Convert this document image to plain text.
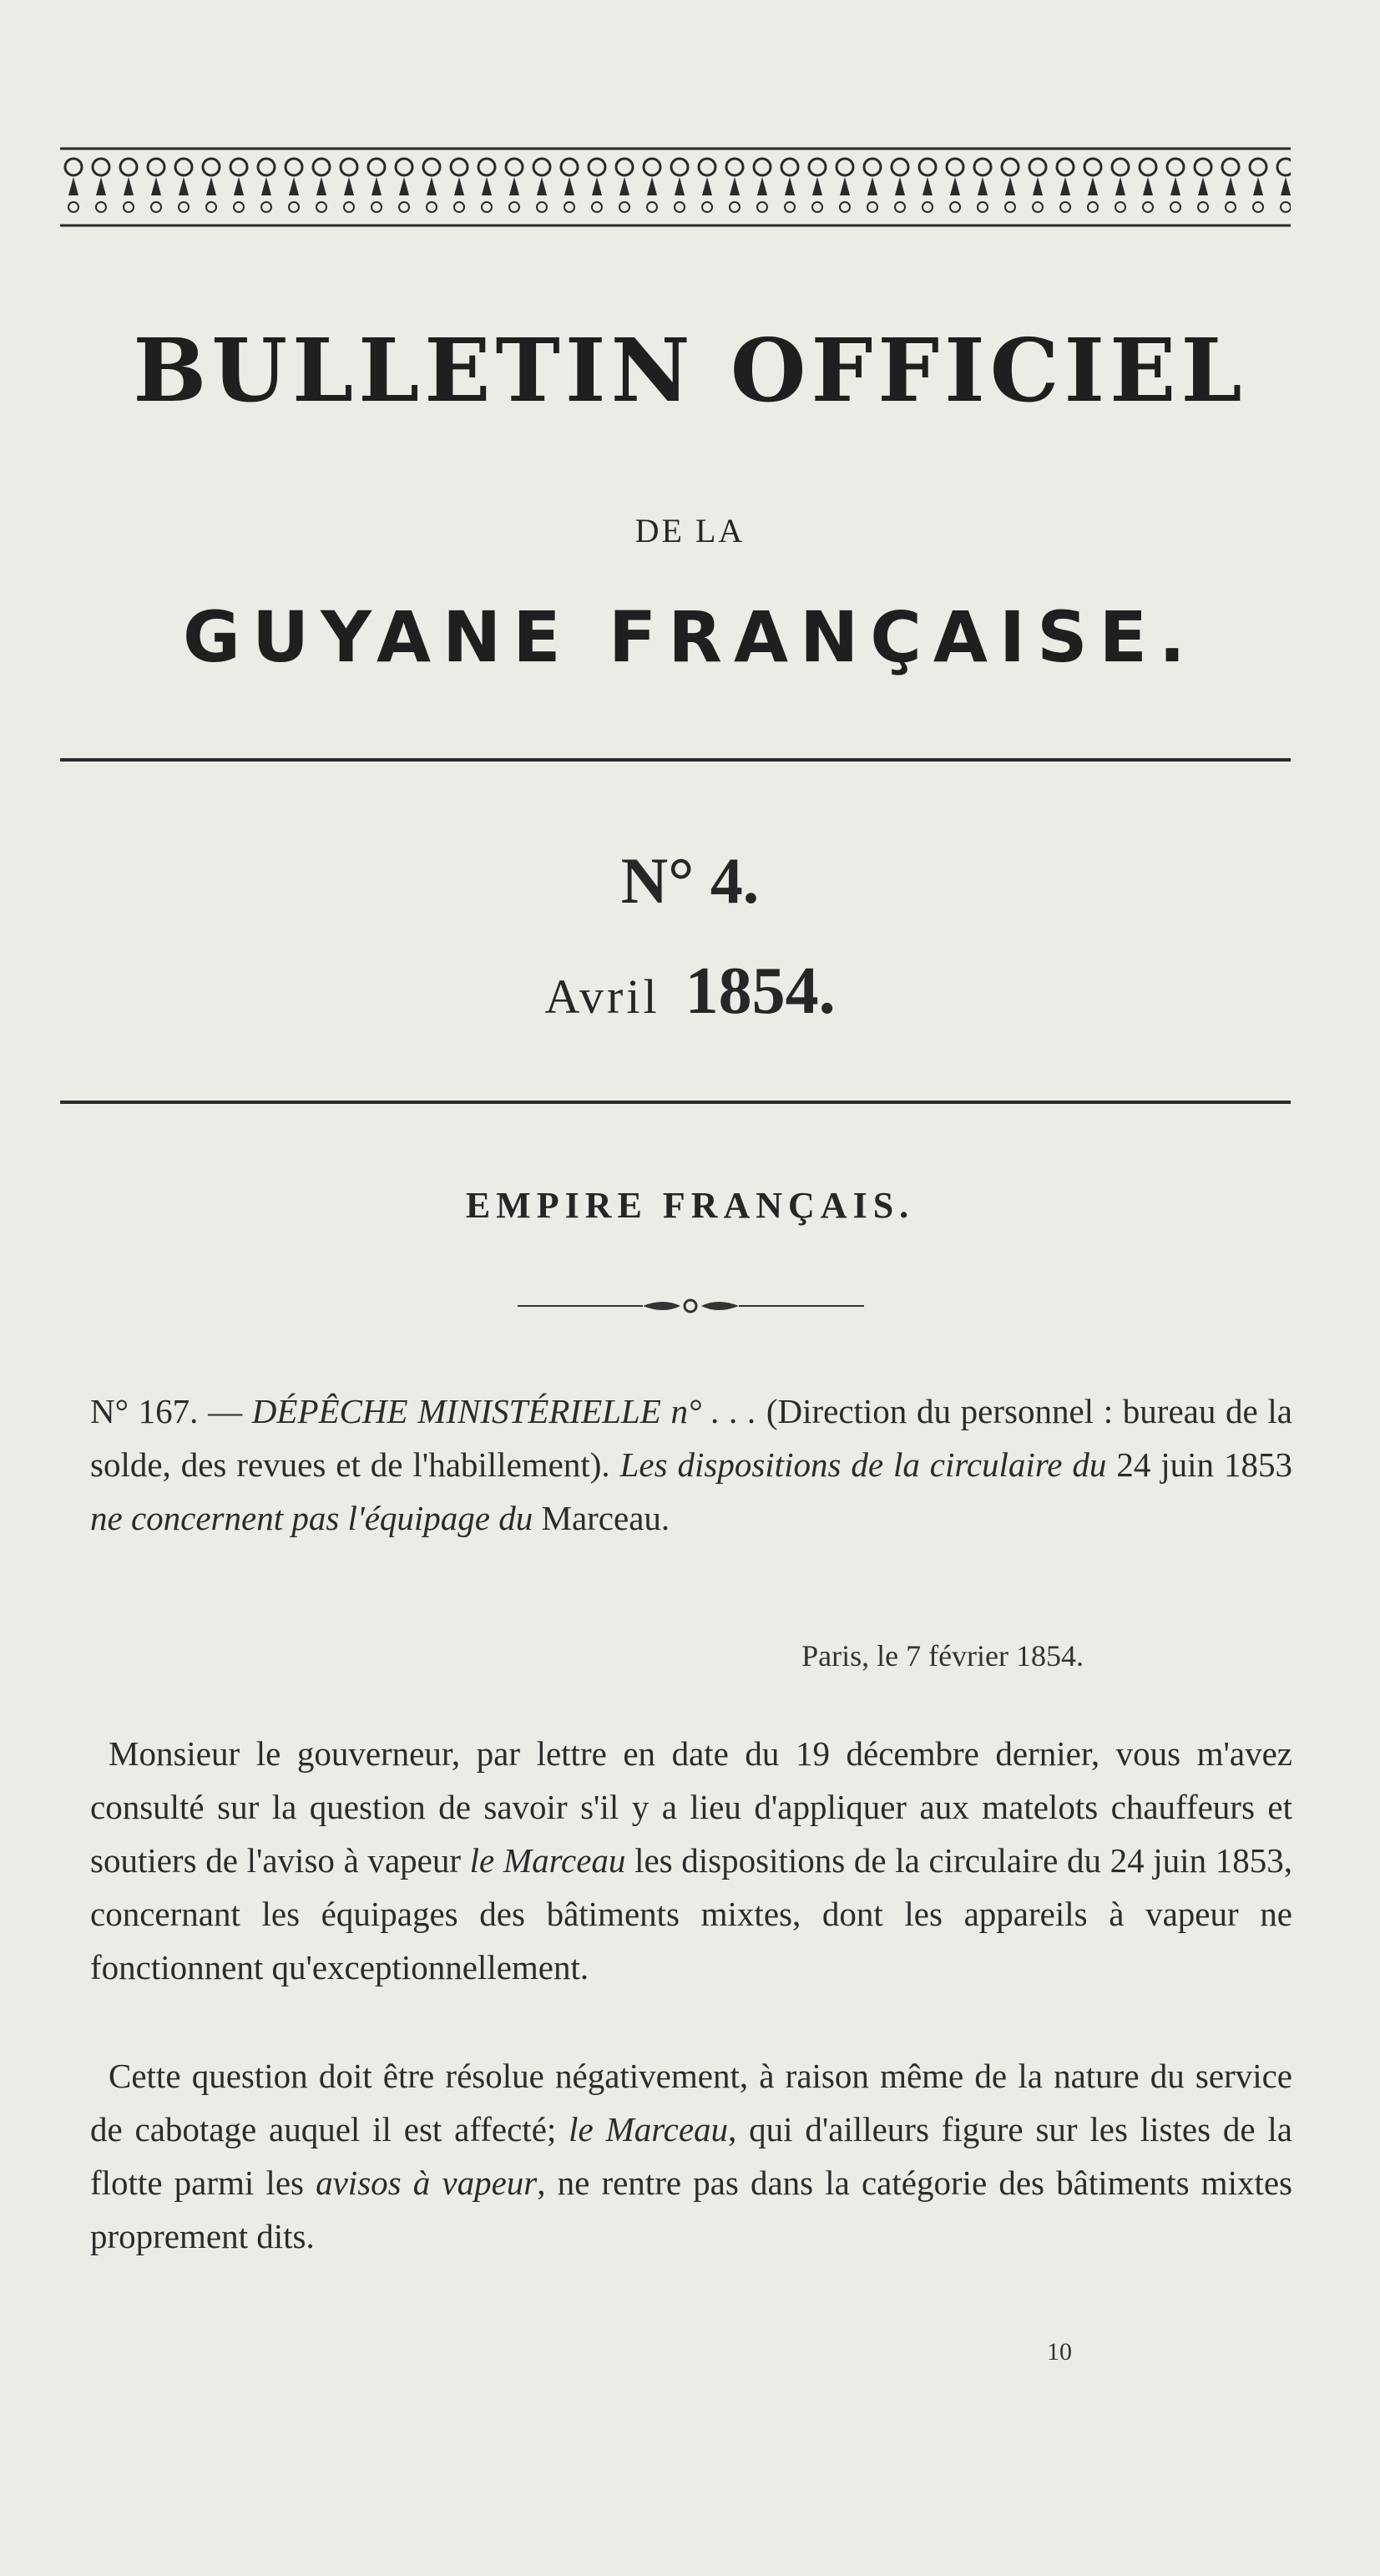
BULLETIN OFFICIEL
DE LA
GUYANE FRANÇAISE.
N° 4.
Avril 1854.
EMPIRE FRANÇAIS.
N° 167. — DÉPÊCHE MINISTÉRIELLE n° . . . (Direction du personnel : bureau de la solde, des revues et de l'habillement). Les dispositions de la circulaire du 24 juin 1853 ne concernent pas l'équipage du Marceau.
Paris, le 7 février 1854.
Monsieur le gouverneur, par lettre en date du 19 décembre dernier, vous m'avez consulté sur la question de savoir s'il y a lieu d'appliquer aux matelots chauffeurs et soutiers de l'aviso à vapeur le Marceau les dispositions de la circulaire du 24 juin 1853, concernant les équipages des bâtiments mixtes, dont les appareils à vapeur ne fonctionnent qu'exceptionnellement.
Cette question doit être résolue négativement, à raison même de la nature du service de cabotage auquel il est affecté; le Marceau, qui d'ailleurs figure sur les listes de la flotte parmi les avisos à vapeur, ne rentre pas dans la catégorie des bâtiments mixtes proprement dits.
10
